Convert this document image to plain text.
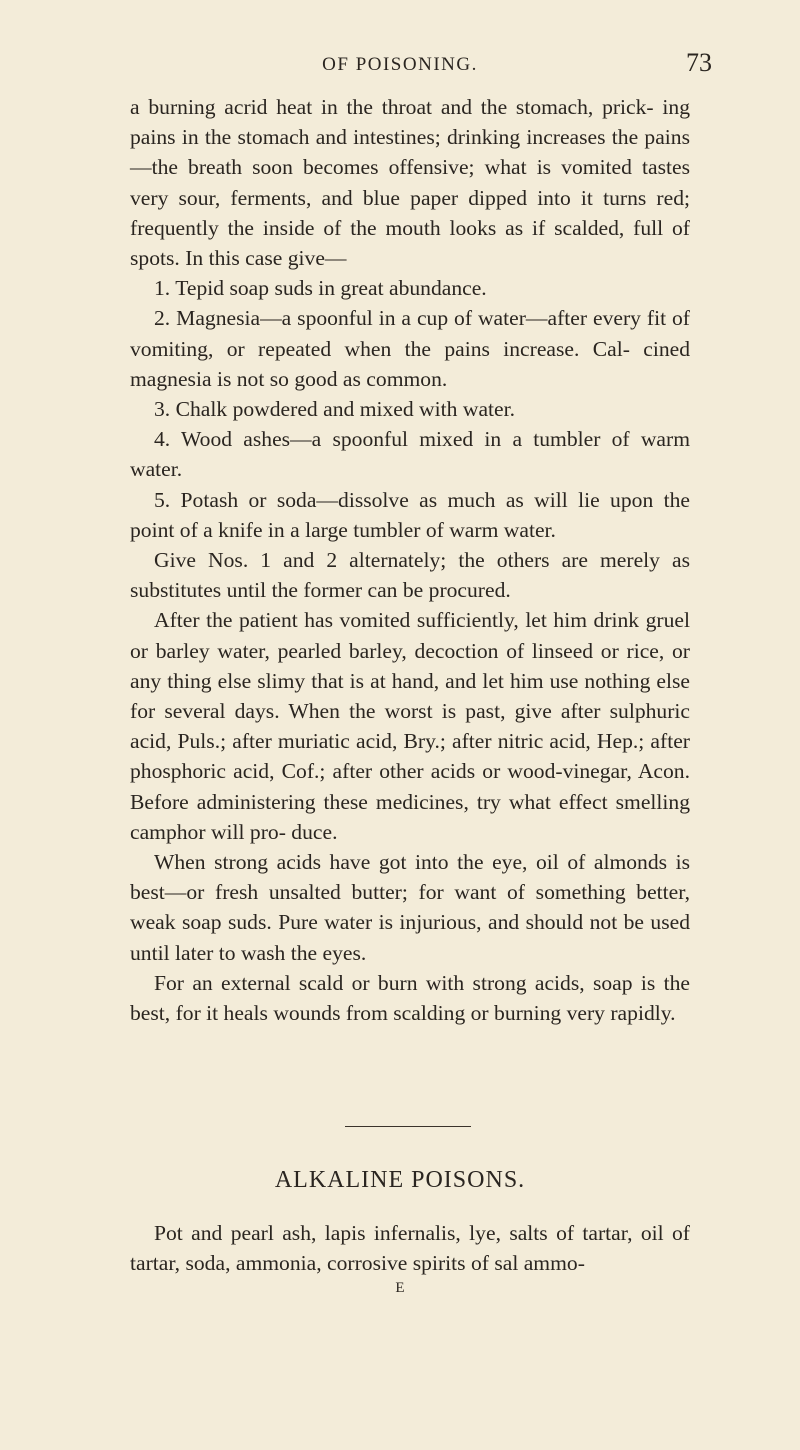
OF POISONING.	73

a burning acrid heat in the throat and the stomach, prick- ing pains in the stomach and intestines; drinking increases the pains—the breath soon becomes offensive; what is vomited tastes very sour, ferments, and blue paper dipped into it turns red; frequently the inside of the mouth looks as if scalded, full of spots. In this case give—

1. Tepid soap suds in great abundance.

2. Magnesia—a spoonful in a cup of water—after every fit of vomiting, or repeated when the pains increase. Cal- cined magnesia is not so good as common.

3. Chalk powdered and mixed with water.

4. Wood ashes—a spoonful mixed in a tumbler of warm water.

5. Potash or soda—dissolve as much as will lie upon the point of a knife in a large tumbler of warm water.

Give Nos. 1 and 2 alternately; the others are merely as substitutes until the former can be procured.

After the patient has vomited sufficiently, let him drink gruel or barley water, pearled barley, decoction of linseed or rice, or any thing else slimy that is at hand, and let him use nothing else for several days. When the worst is past, give after sulphuric acid, Puls.; after muriatic acid, Bry.; after nitric acid, Hep.; after phosphoric acid, Cof.; after other acids or wood-vinegar, Acon. Before administering these medicines, try what effect smelling camphor will pro- duce.

When strong acids have got into the eye, oil of almonds is best—or fresh unsalted butter; for want of something better, weak soap suds. Pure water is injurious, and should not be used until later to wash the eyes.

For an external scald or burn with strong acids, soap is the best, for it heals wounds from scalding or burning very rapidly.

ALKALINE POISONS.

Pot and pearl ash, lapis infernalis, lye, salts of tartar, oil of tartar, soda, ammonia, corrosive spirits of sal ammo-

E
